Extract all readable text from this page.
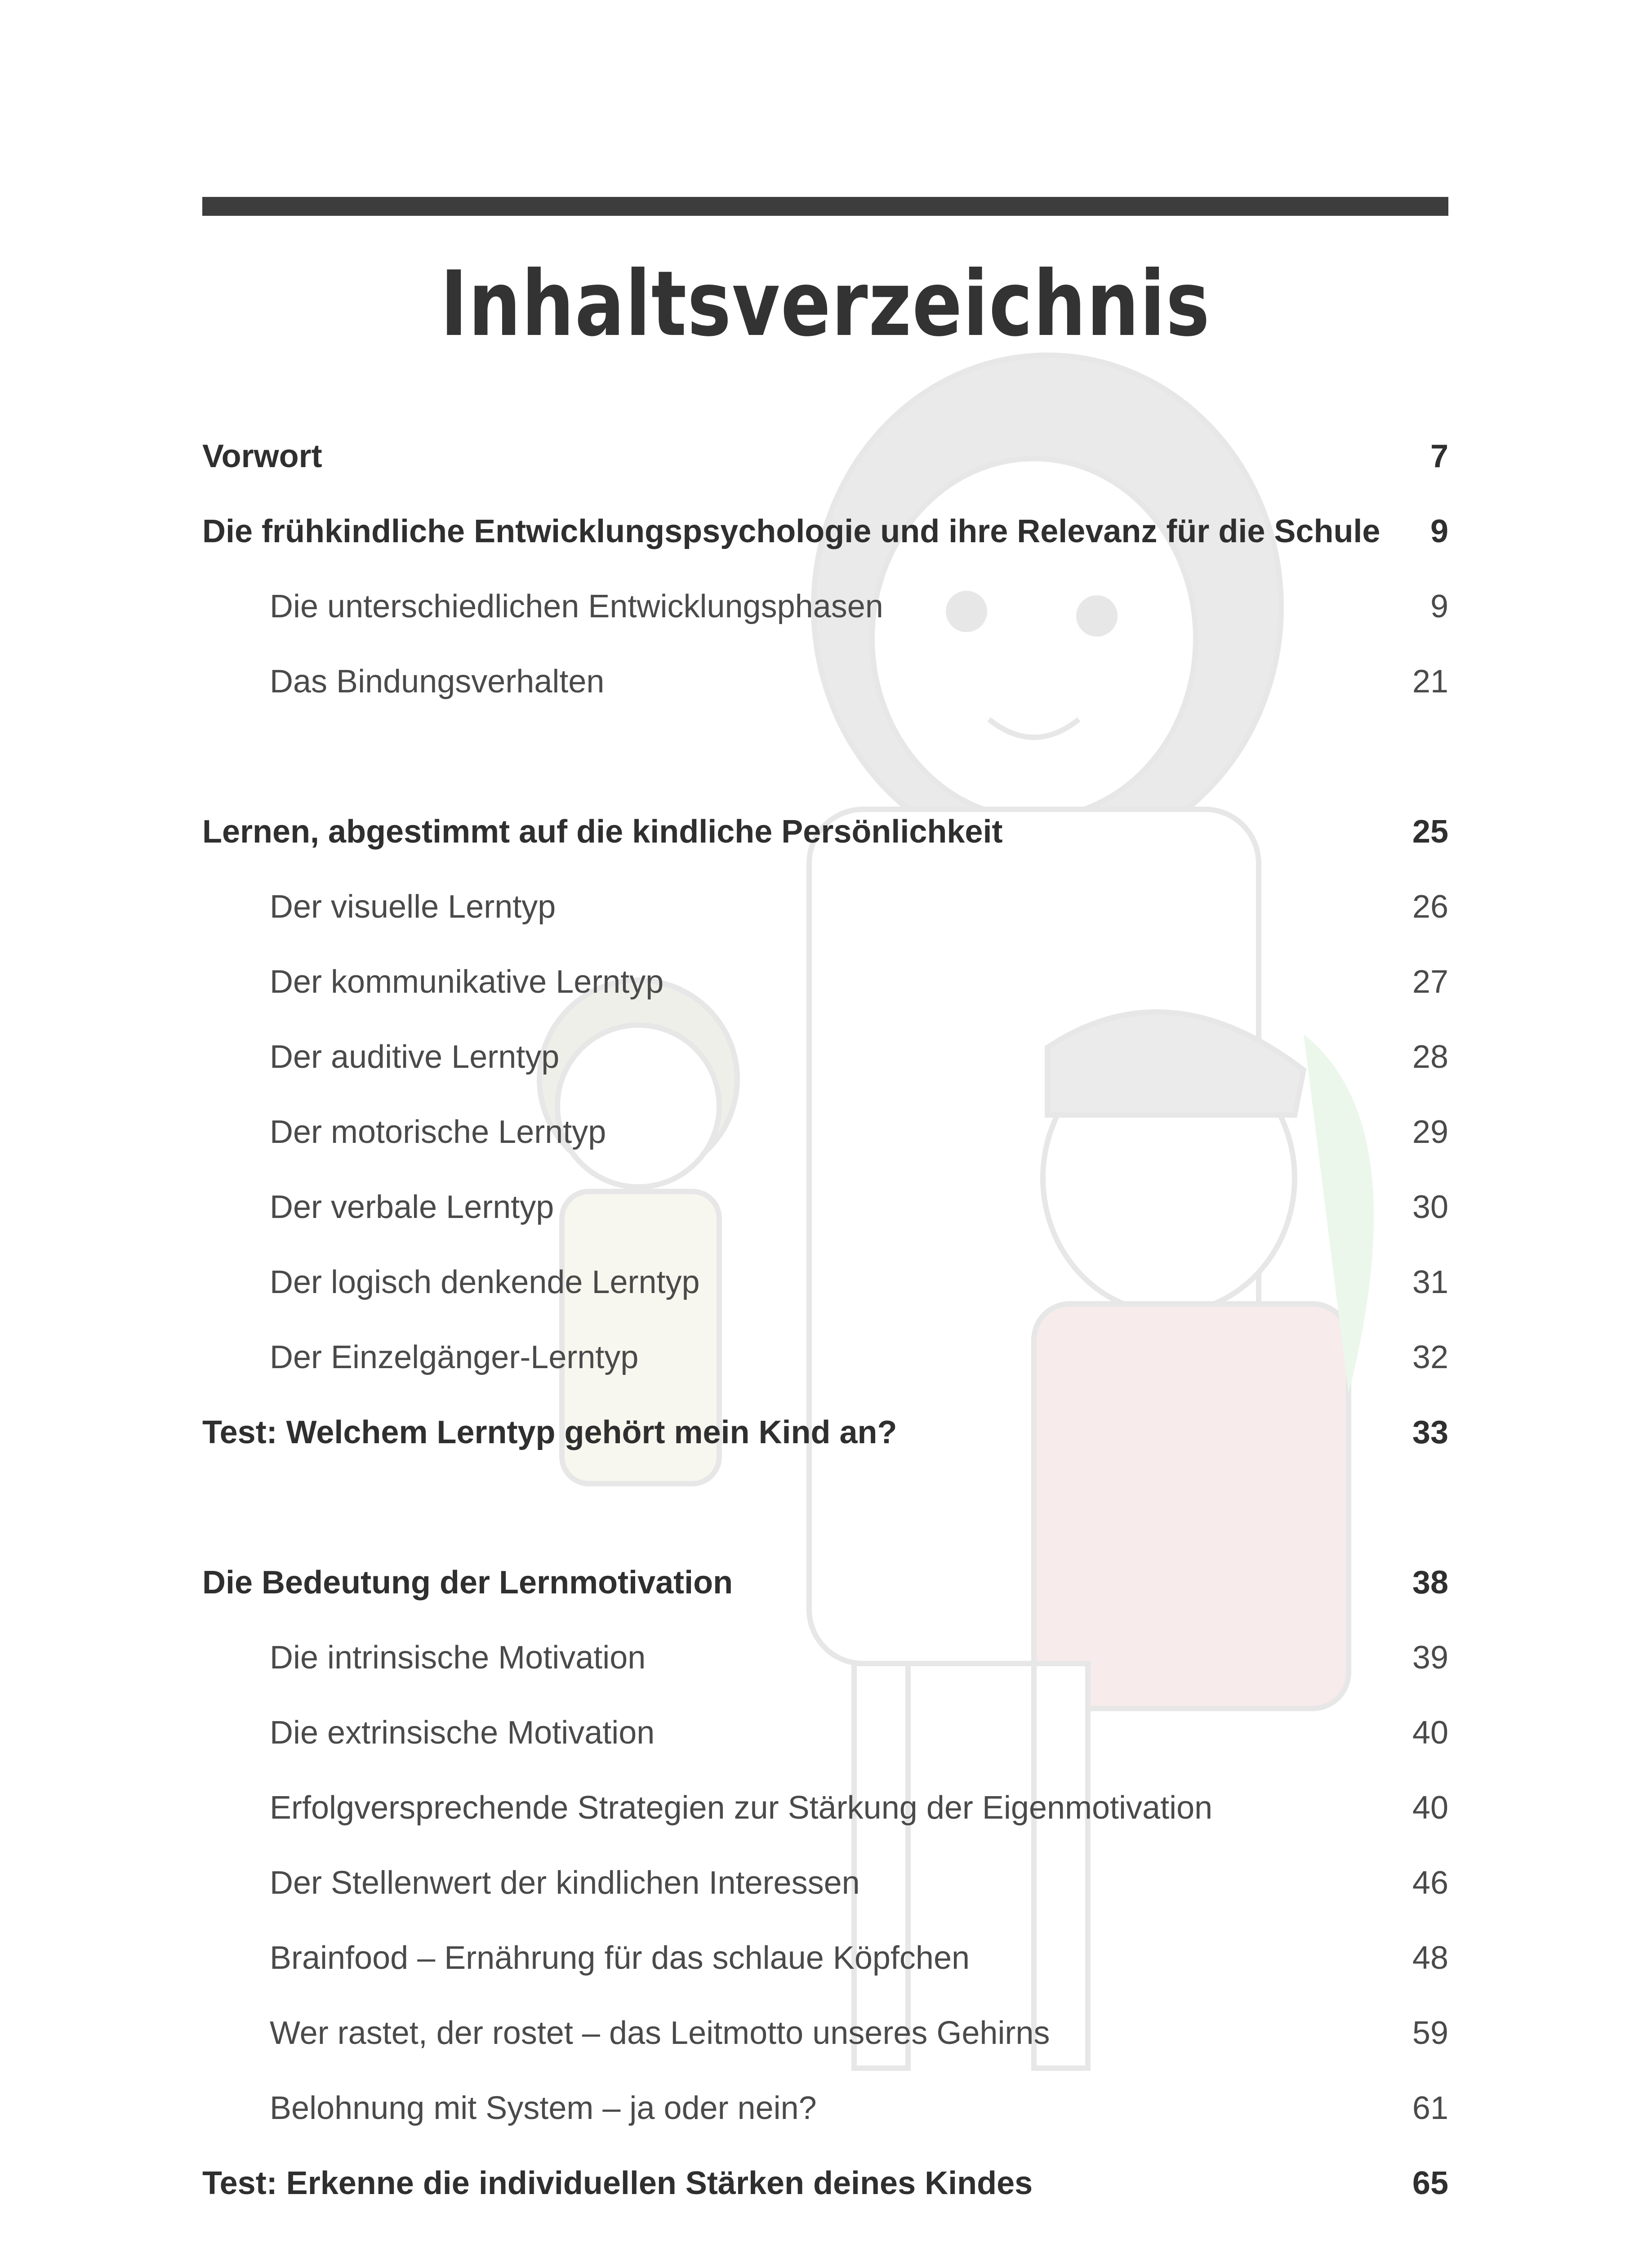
Inhaltsverzeichnis
Vorwort	7
Die frühkindliche Entwicklungspsychologie und ihre Relevanz für die Schule 9
Die unterschiedlichen Entwicklungsphasen	9
Das Bindungsverhalten	21
Lernen, abgestimmt auf die kindliche Persönlichkeit	25
Der visuelle Lerntyp	26
Der kommunikative Lerntyp	27
Der auditive Lerntyp	28
Der motorische Lerntyp	29
Der verbale Lerntyp	30
Der logisch denkende Lerntyp	31
Der Einzelgänger-Lerntyp	32
Test: Welchem Lerntyp gehört mein Kind an?	33
Die Bedeutung der Lernmotivation	38
Die intrinsische Motivation	39
Die extrinsische Motivation	40
Erfolgversprechende Strategien zur Stärkung der Eigenmotivation	40
Der Stellenwert der kindlichen Interessen	46
Brainfood – Ernährung für das schlaue Köpfchen	48
Wer rastet, der rostet – das Leitmotto unseres Gehirns	59
Belohnung mit System – ja oder nein?	61
Test: Erkenne die individuellen Stärken deines Kindes	65
